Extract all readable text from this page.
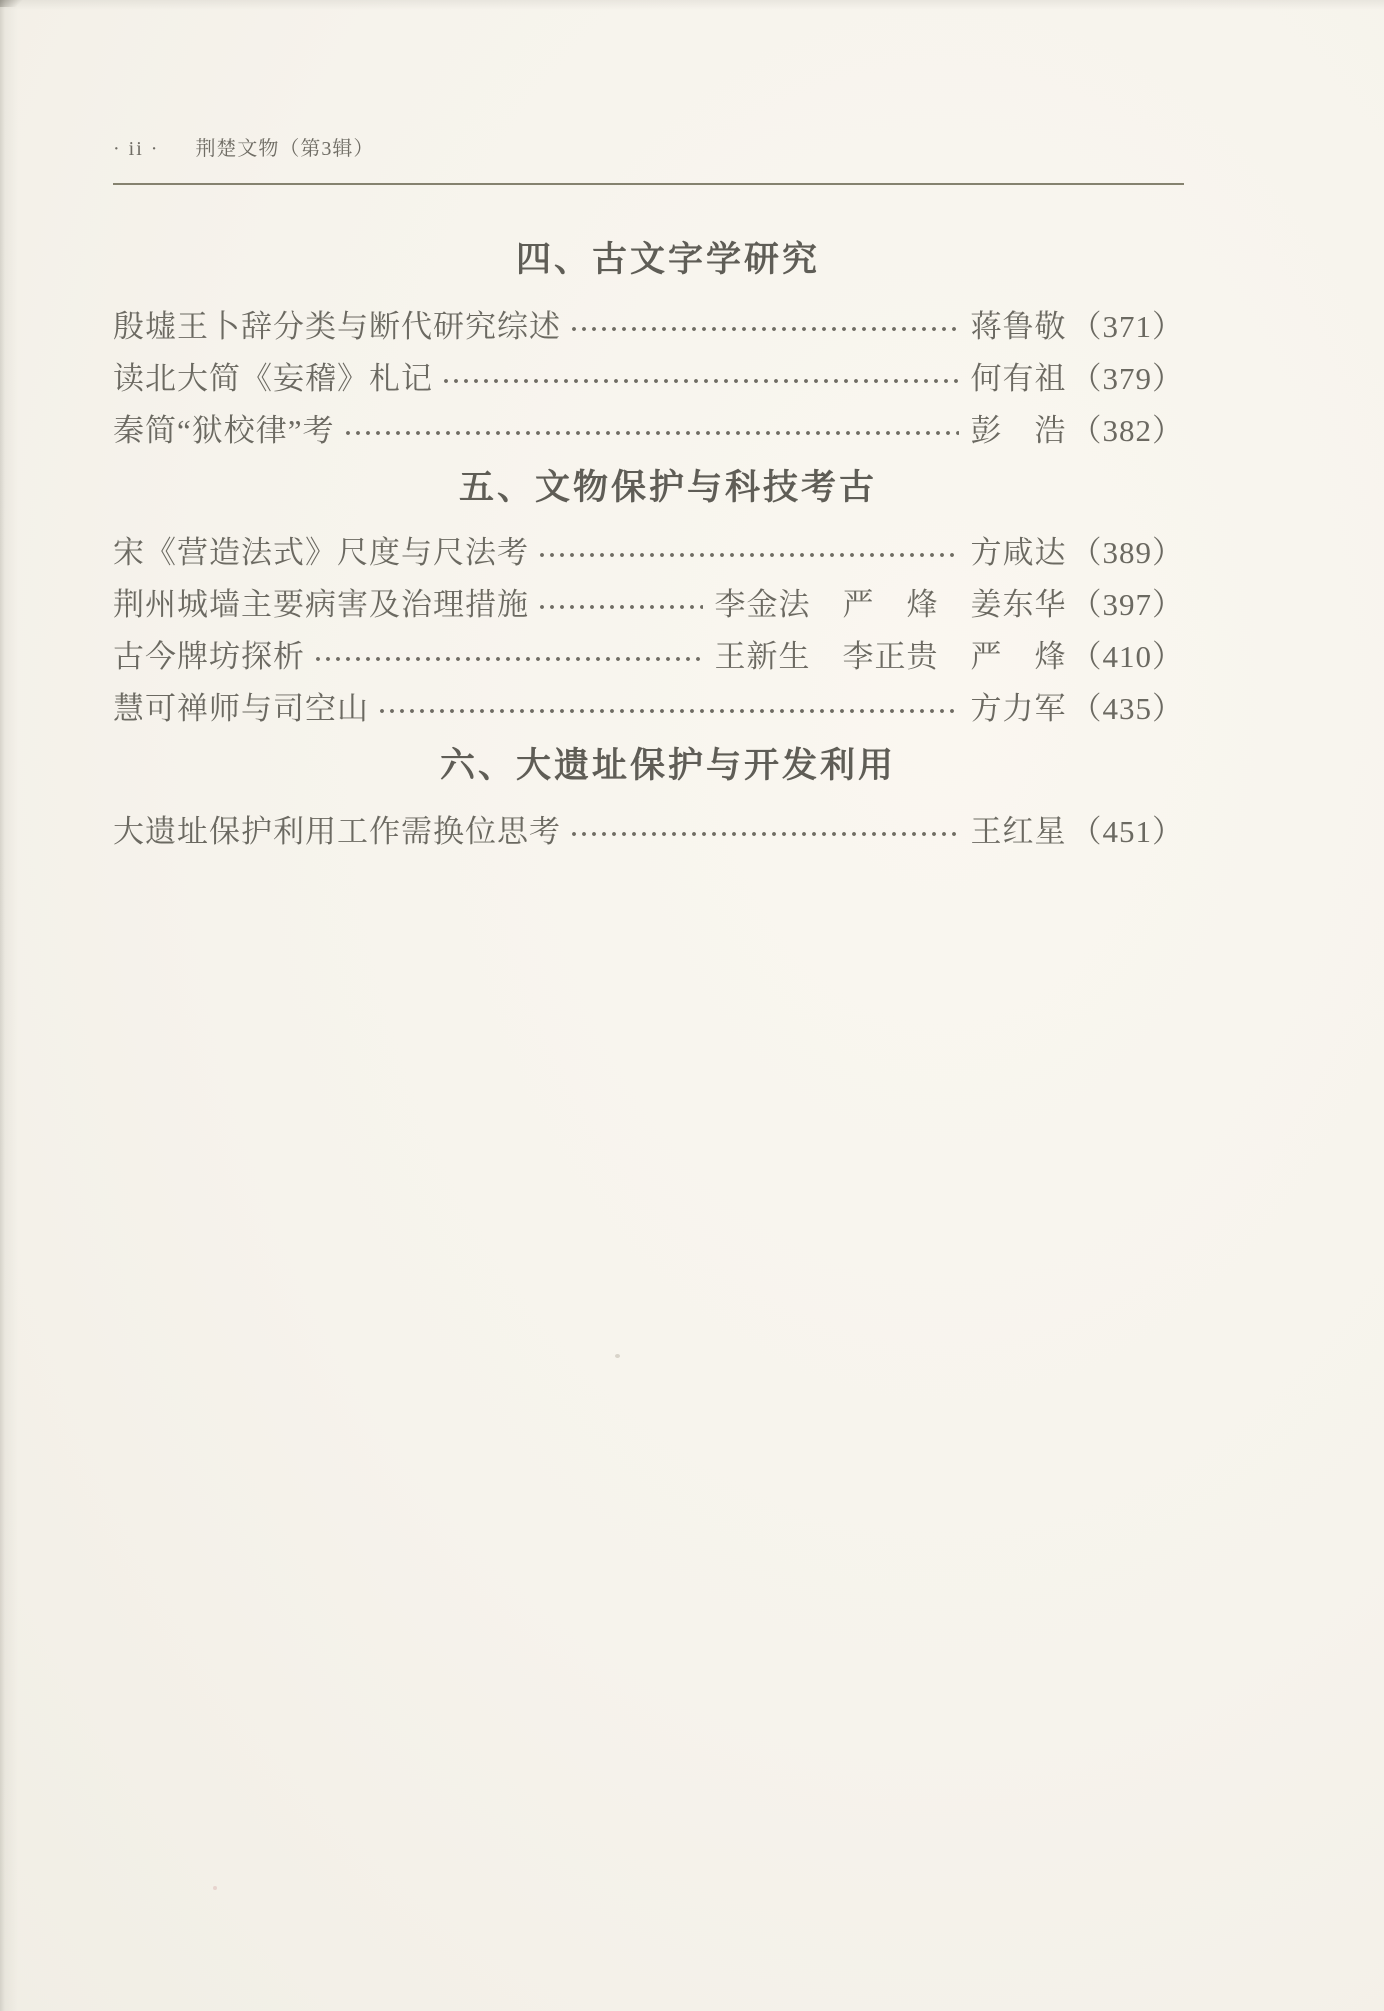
· ii · 荆楚文物（第3辑）
四、古文字学研究
殷墟王卜辞分类与断代研究综述	蒋鲁敬 （371）
读北大简《妄稽》札记	何有祖 （379）
秦简“狱校律”考	彭　浩 （382）
五、文物保护与科技考古
宋《营造法式》尺度与尺法考	方咸达 （389）
荆州城墙主要病害及治理措施	李金法　严　烽　姜东华 （397）
古今牌坊探析	王新生　李正贵　严　烽 （410）
慧可禅师与司空山	方力军 （435）
六、大遗址保护与开发利用
大遗址保护利用工作需换位思考	王红星 （451）
